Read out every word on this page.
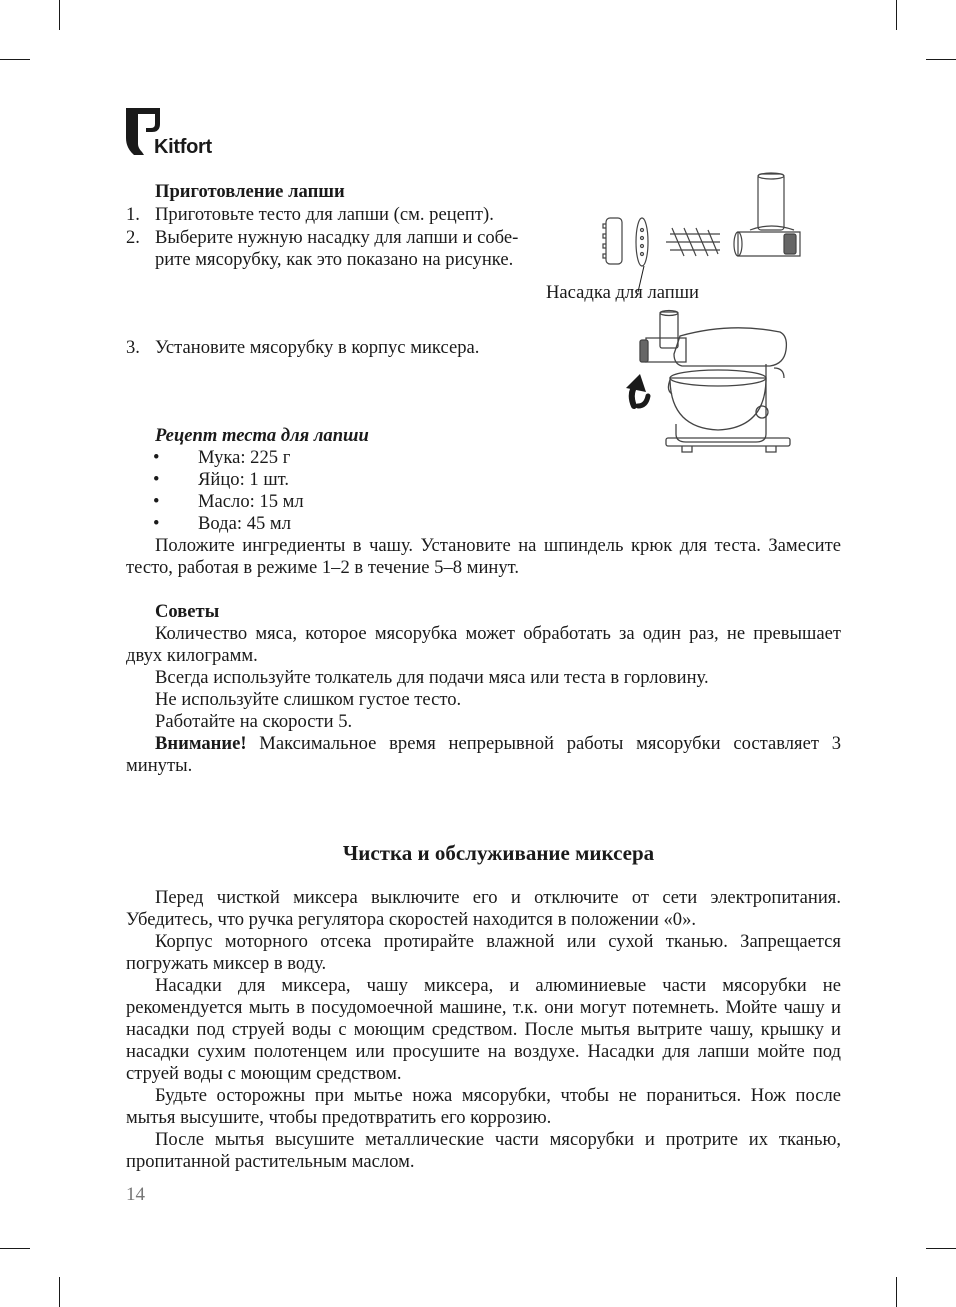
Kitfort
Приготовление лапши
1. Приготовьте тесто для лапши (см. рецепт).
2. Выберите нужную насадку для лапши и собе-
рите мясорубку, как это показано на рисунке.
3. Установите мясорубку в корпус миксера.
Насадка для лапши
Рецепт теста для лапши
• Мука: 225 г
• Яйцо: 1 шт.
• Масло: 15 мл
• Вода: 45 мл

Положите ингредиенты в чашу. Установите на шпиндель крюк для теста. Замесите тесто, работая в режиме 1–2 в течение 5–8 минут.

Советы

Количество мяса, которое мясорубка может обработать за один раз, не превышает двух килограмм.

Всегда используйте толкатель для подачи мяса или теста в горловину.

Не используйте слишком густое тесто.

Работайте на скорости 5.

Внимание! Максимальное время непрерывной работы мясорубки составляет 3 минуты.

Чистка и обслуживание миксера

Перед чисткой миксера выключите его и отключите от сети электропитания. Убедитесь, что ручка регулятора скоростей находится в положении «0».

Корпус моторного отсека протирайте влажной или сухой тканью. Запрещается погружать миксер в воду.

Насадки для миксера, чашу миксера, и алюминиевые части мясорубки не рекомендуется мыть в посудомоечной машине, т.к. они могут потемнеть. Мойте чашу и насадки под струей воды с моющим средством. После мытья вытрите чашу, крышку и насадки сухим полотенцем или просушите на воздухе. Насадки для лапши мойте под струей воды с моющим средством.

Будьте осторожны при мытье ножа мясорубки, чтобы не пораниться. Нож после мытья высушите, чтобы предотвратить его коррозию.

После мытья высушите металлические части мясорубки и протрите их тканью, пропитанной растительным маслом.

14
